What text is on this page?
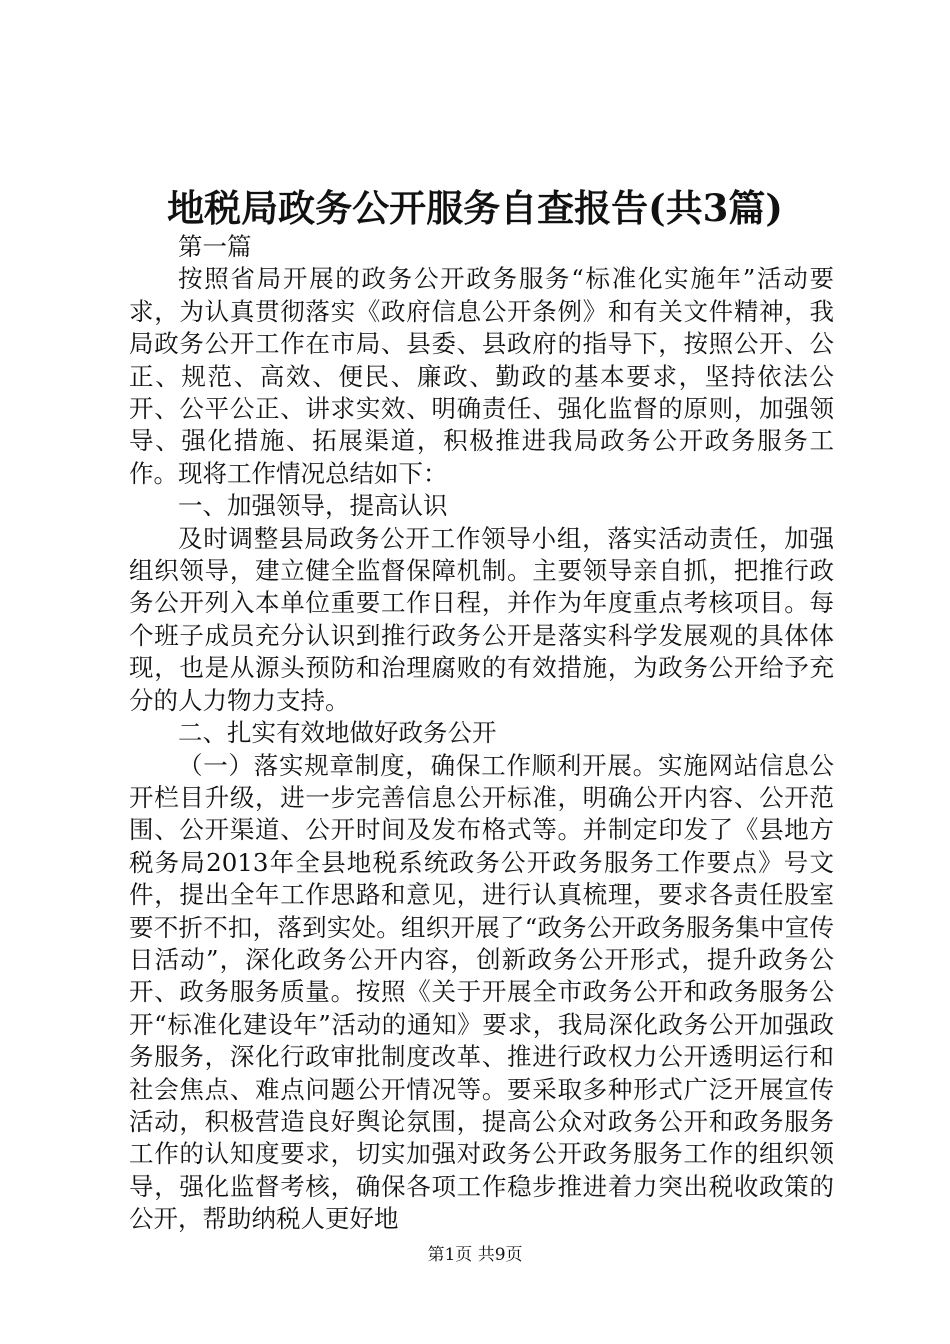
地税局政务公开服务自查报告(共3篇)

第一篇

按照省局开展的政务公开政务服务“标准化实施年”活动要求，为认真贯彻落实《政府信息公开条例》和有关文件精神，我局政务公开工作在市局、县委、县政府的指导下，按照公开、公正、规范、高效、便民、廉政、勤政的基本要求，坚持依法公开、公平公正、讲求实效、明确责任、强化监督的原则，加强领导、强化措施、拓展渠道，积极推进我局政务公开政务服务工作。现将工作情况总结如下：

一、加强领导，提高认识

及时调整县局政务公开工作领导小组，落实活动责任，加强组织领导，建立健全监督保障机制。主要领导亲自抓，把推行政务公开列入本单位重要工作日程，并作为年度重点考核项目。每个班子成员充分认识到推行政务公开是落实科学发展观的具体体现，也是从源头预防和治理腐败的有效措施，为政务公开给予充分的人力物力支持。

二、扎实有效地做好政务公开

（一）落实规章制度，确保工作顺利开展。实施网站信息公开栏目升级，进一步完善信息公开标准，明确公开内容、公开范围、公开渠道、公开时间及发布格式等。并制定印发了《县地方税务局2013年全县地税系统政务公开政务服务工作要点》号文件，提出全年工作思路和意见，进行认真梳理，要求各责任股室要不折不扣，落到实处。组织开展了“政务公开政务服务集中宣传日活动”，深化政务公开内容，创新政务公开形式，提升政务公开、政务服务质量。按照《关于开展全市政务公开和政务服务公开“标准化建设年”活动的通知》要求，我局深化政务公开加强政务服务，深化行政审批制度改革、推进行政权力公开透明运行和社会焦点、难点问题公开情况等。要采取多种形式广泛开展宣传活动，积极营造良好舆论氛围，提高公众对政务公开和政务服务工作的认知度要求，切实加强对政务公开政务服务工作的组织领导，强化监督考核，确保各项工作稳步推进着力突出税收政策的公开，帮助纳税人更好地

第1页 共9页
